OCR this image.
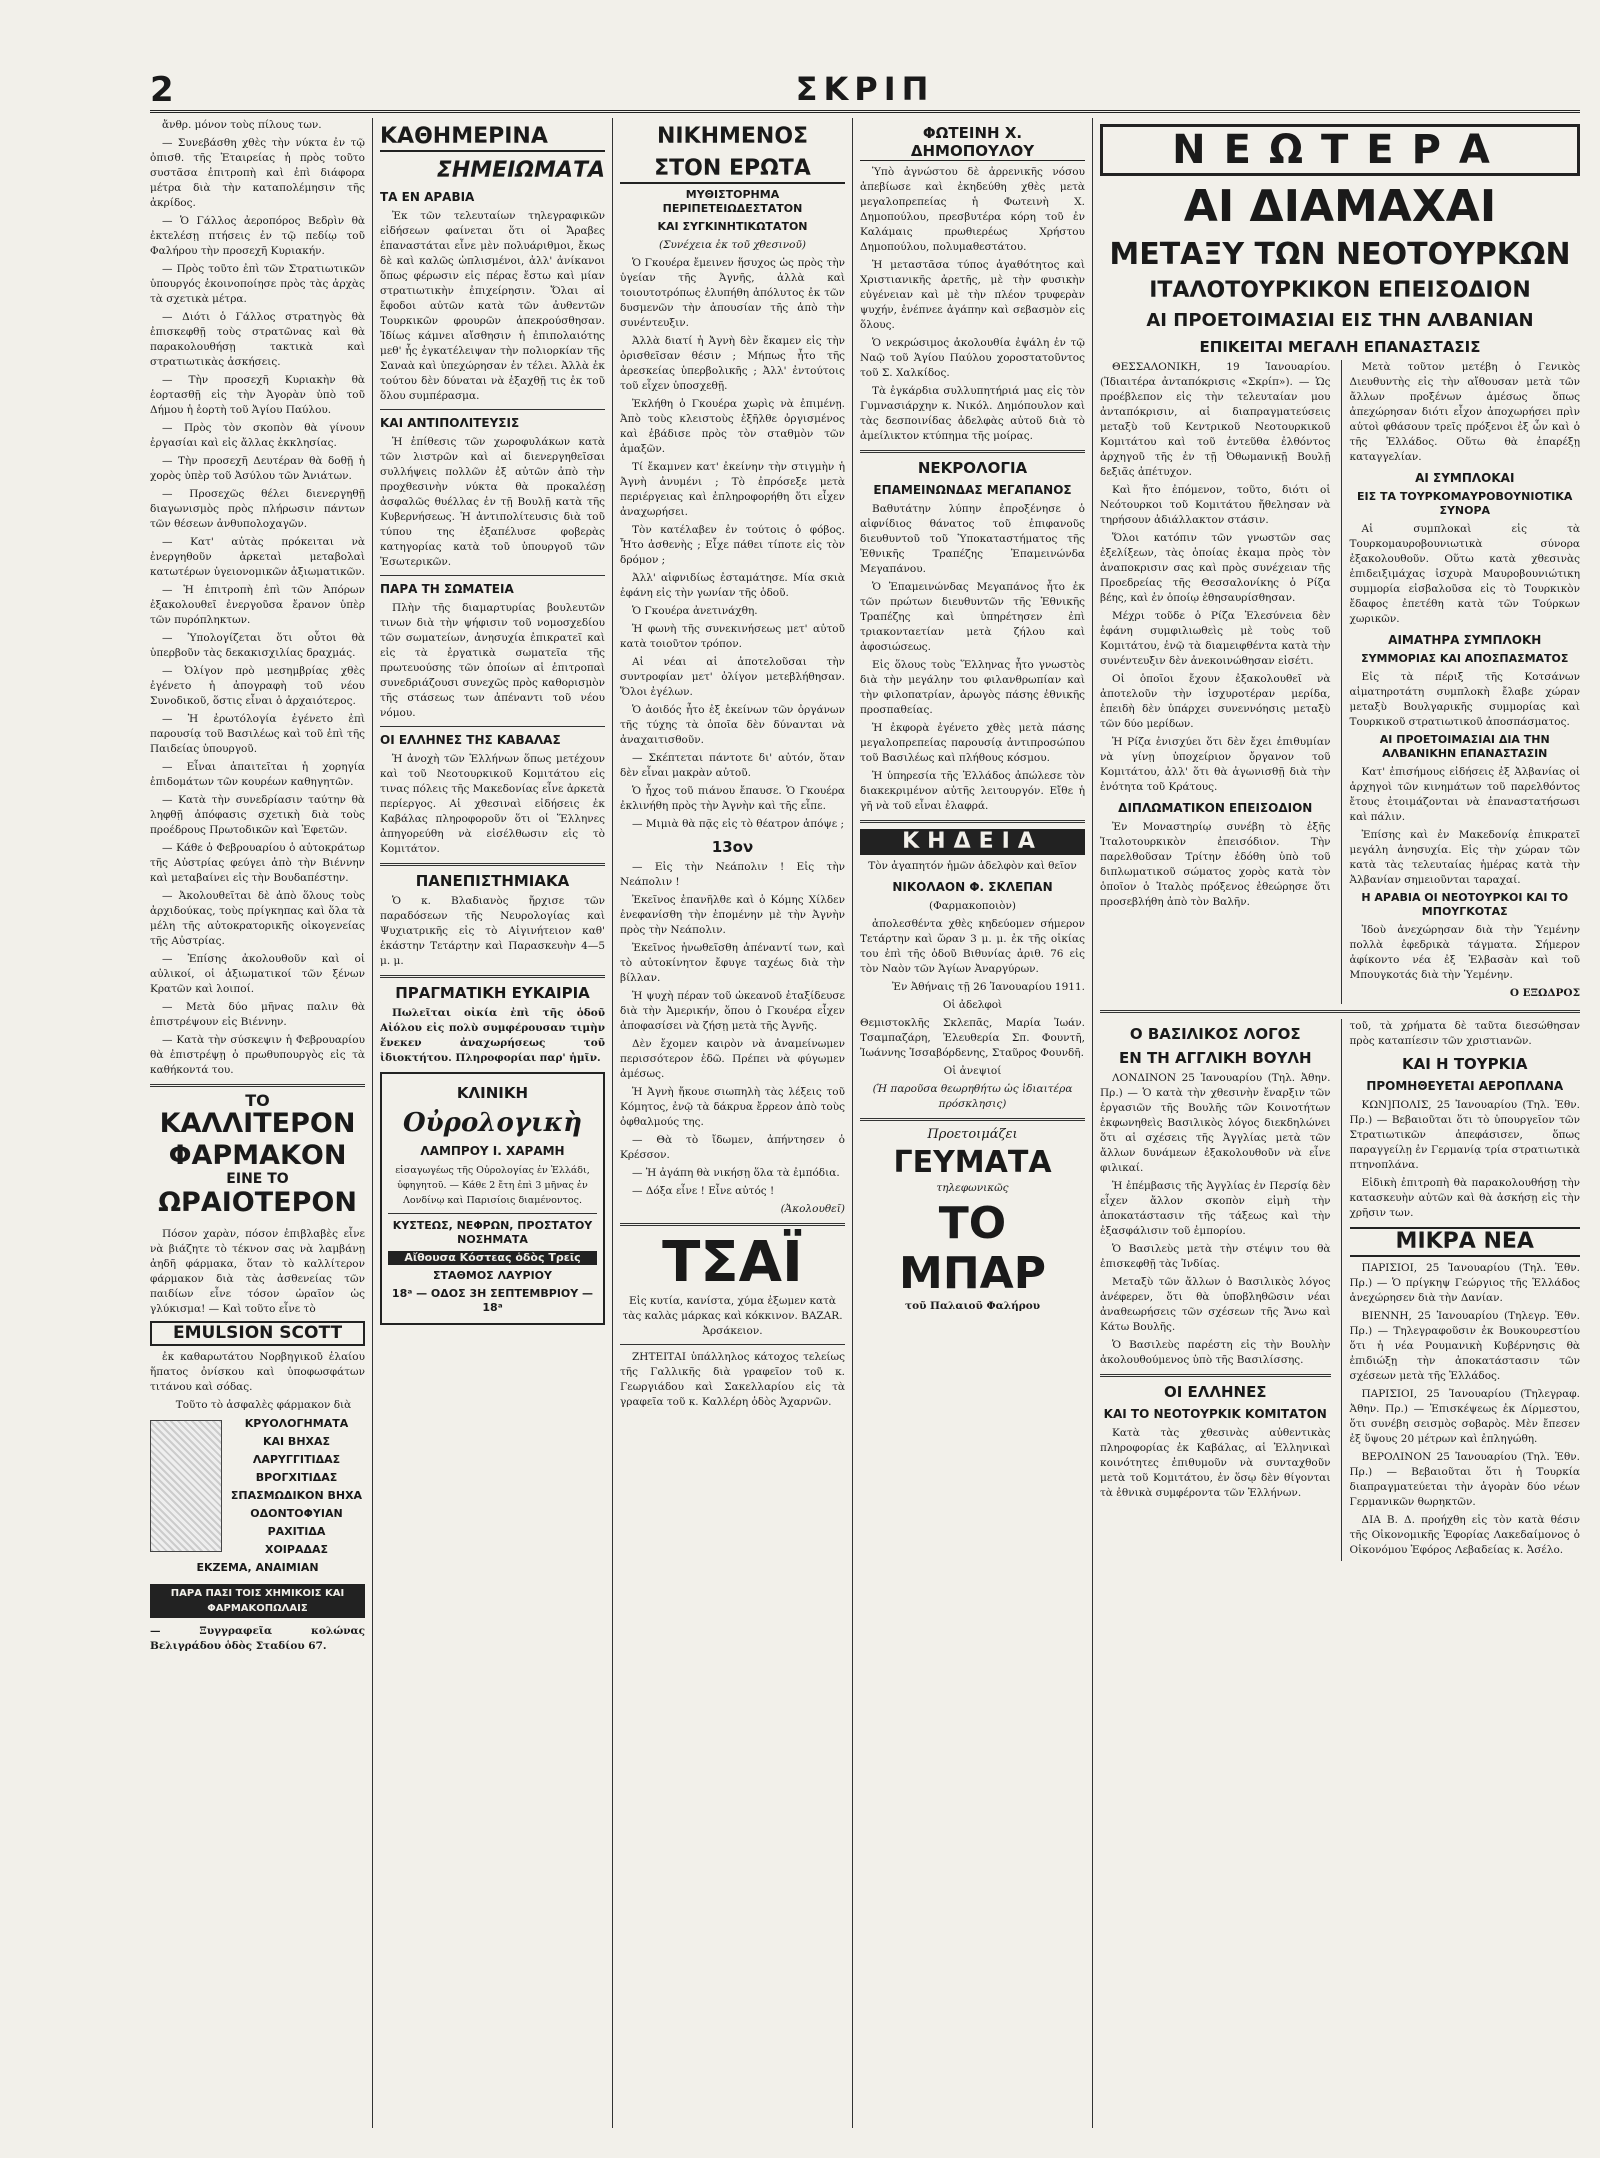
2	ΣΚΡΙΠ

ἄνθρ. μόνον τοὺς πίλους των.

— Συνεβάσθη χθὲς τὴν νύκτα ἐν τῷ ὀπισθ. τῆς Ἑταιρείας ἡ πρὸς τοῦτο συστᾶσα ἐπιτροπὴ καὶ ἐπὶ διάφορα μέτρα διὰ τὴν καταπολέμησιν τῆς ἀκρίδος.

— Ὁ Γάλλος ἀεροπόρος Βεδρὶν θὰ ἐκτελέσῃ πτήσεις ἐν τῷ πεδίῳ τοῦ Φαλήρου τὴν προσεχῆ Κυριακήν.

— Πρὸς τοῦτο ἐπὶ τῶν Στρατιωτικῶν ὑπουργός ἐκοινοποίησε πρὸς τὰς ἀρχὰς τὰ σχετικὰ μέτρα.

— Διότι ὁ Γάλλος στρατηγὸς θὰ ἐπισκεφθῇ τοὺς στρατῶνας καὶ θὰ παρακολουθήσῃ τακτικὰ καὶ στρατιωτικὰς ἀσκήσεις.

— Τὴν προσεχῆ Κυριακὴν θὰ ἑορτασθῇ εἰς τὴν Ἀγορὰν ὑπὸ τοῦ Δήμου ἡ ἑορτὴ τοῦ Ἁγίου Παύλου.

— Πρὸς τὸν σκοπὸν θὰ γίνουν ἐργασίαι καὶ εἰς ἄλλας ἐκκλησίας.

— Τὴν προσεχῆ Δευτέραν θὰ δοθῇ ἡ χορὸς ὑπὲρ τοῦ Ἀσύλου τῶν Ἀνιάτων.

— Προσεχῶς θέλει διενεργηθῇ διαγωνισμὸς πρὸς πλήρωσιν πάντων τῶν θέσεων ἀνθυπολοχαγῶν.

— Κατ' αὐτὰς πρόκειται νὰ ἐνεργηθοῦν ἀρκεταὶ μεταβολαὶ κατωτέρων ὑγειονομικῶν ἀξιωματικῶν.

— Ἡ ἐπιτροπὴ ἐπὶ τῶν Ἀπόρων ἐξακολουθεῖ ἐνεργοῦσα ἔρανον ὑπὲρ τῶν πυρόπληκτων.

— Ὑπολογίζεται ὅτι οὗτοι θὰ ὑπερβοῦν τὰς δεκακισχιλίας δραχμάς.

— Ὀλίγον πρὸ μεσημβρίας χθὲς ἐγένετο ἡ ἀπογραφὴ τοῦ νέου Συνοδικοῦ, ὅστις εἶναι ὁ ἀρχαιότερος.

— Ἡ ἐρωτόλογία ἐγένετο ἐπὶ παρουσίᾳ τοῦ Βασιλέως καὶ τοῦ ἐπὶ τῆς Παιδείας ὑπουργοῦ.

— Εἶναι ἀπαιτεῖται ἡ χορηγία ἐπιδομάτων τῶν κουρέων καθηγητῶν.

— Κατὰ τὴν συνεδρίασιν ταύτην θὰ ληφθῇ ἀπόφασις σχετικὴ διὰ τοὺς προέδρους Πρωτοδικῶν καὶ Ἐφετῶν.

— Κάθε ὁ Φεβρουαρίου ὁ αὐτοκράτωρ τῆς Αὐστρίας φεύγει ἀπὸ τὴν Βιέννην καὶ μεταβαίνει εἰς τὴν Βουδαπέστην.

— Ἀκολουθεῖται δὲ ἀπὸ ὅλους τοὺς ἀρχιδούκας, τοὺς πρίγκηπας καὶ ὅλα τὰ μέλη τῆς αὐτοκρατορικῆς οἰκογενείας τῆς Αὐστρίας.

— Ἐπίσης ἀκολουθοῦν καὶ οἱ αὐλικοί, οἱ ἀξιωματικοί τῶν ξένων Κρατῶν καὶ λοιποί.

— Μετὰ δύο μῆνας παλιν θὰ ἐπιστρέψουν εἰς Βιέννην.

— Κατὰ τὴν σύσκεψιν ἡ Φεβρουαρίου θὰ ἐπιστρέψῃ ὁ πρωθυπουργὸς εἰς τὰ καθήκοντά του.

ΤΟ
ΚΑΛΛΙΤΕΡΟΝ
ΦΑΡΜΑΚΟΝ
ΕΙΝΕ ΤΟ
ΩΡΑΙΟΤΕΡΟΝ

Πόσον χαρὰν, πόσον ἐπιβλαβὲς εἶνε νὰ βιάζητε τὸ τέκνον σας νὰ λαμβάνῃ ἀηδῆ φάρμακα, ὅταν τὸ καλλίτερον φάρμακον διὰ τὰς ἀσθενείας τῶν παιδίων εἶνε τόσον ὡραῖον ὡς γλύκισμα! — Καὶ τοῦτο εἶνε τὸ

EMULSION SCOTT

ἐκ καθαρωτάτου Νορβηγικοῦ ἐλαίου ἥπατος ὀνίσκου καὶ ὑποφωσφάτων τιτάνου καὶ σόδας.

Τοῦτο τὸ ἀσφαλὲς φάρμακον διὰ

ΚΡΥΟΛΟΓΗΜΑΤΑ

ΚΑΙ ΒΗΧΑΣ

ΛΑΡΥΓΓΙΤΙΔΑΣ

ΒΡΟΓΧΙΤΙΔΑΣ

ΣΠΑΣΜΩΔΙΚΟΝ ΒΗΧΑ

ΟΔΟΝΤΟΦΥΙΑΝ

ΡΑΧΙΤΙΔΑ

ΧΟΙΡΑΔΑΣ

ΕΚΖΕΜΑ, ΑΝΑΙΜΙΑΝ

ΠΑΡΑ ΠΑΣΙ ΤΟΙΣ ΧΗΜΙΚΟΙΣ ΚΑΙ ΦΑΡΜΑΚΟΠΩΛΑΙΣ

— Ξυγγραφεῖα κολώνας Βελιγράδου ὁδὸς Σταδίου 67.

ΚΑΘΗΜΕΡΙΝΑ
ΣΗΜΕΙΩΜΑΤΑ
ΤΑ ΕΝ ΑΡΑΒΙΑ

Ἐκ τῶν τελευταίων τηλεγραφικῶν εἰδήσεων φαίνεται ὅτι οἱ Ἄραβες ἐπαναστάται εἶνε μὲν πολυάριθμοι, ἔκως δὲ καὶ καλῶς ὡπλισμένοι, ἀλλ' ἀνίκανοι ὅπως φέρωσιν εἰς πέρας ἔστω καὶ μίαν στρατιωτικὴν ἐπιχείρησιν. Ὅλαι αἱ ἔφοδοι αὐτῶν κατὰ τῶν ἀυθεντῶν Τουρκικῶν φρουρῶν ἀπεκρούσθησαν. Ἰδίως κάμνει αἴσθησιν ἡ ἐπιπολαιότης μεθ' ἧς ἐγκατέλειψαν τὴν πολιορκίαν τῆς Σαναὰ καὶ ὑπεχώρησαν ἐν τέλει. Ἀλλὰ ἐκ τούτου δὲν δύναται νὰ ἐξαχθῇ τις ἐκ τοῦ ὅλου συμπέρασμα.

ΚΑΙ ΑΝΤΙΠΟΛΙΤΕΥΣΙΣ

Ἡ ἐπίθεσις τῶν χωροφυλάκων κατὰ τῶν λιστρῶν καὶ αἱ διενεργηθεῖσαι συλλήψεις πολλῶν ἐξ αὐτῶν ἀπὸ τὴν προχθεσινὴν νύκτα θὰ προκαλέσῃ ἀσφαλῶς θυέλλας ἐν τῇ Βουλῇ κατὰ τῆς Κυβερνήσεως. Ἡ ἀντιπολίτευσις διὰ τοῦ τύπου της ἐξαπέλυσε φοβερὰς κατηγορίας κατὰ τοῦ ὑπουργοῦ τῶν Ἐσωτερικῶν.

ΠΑΡΑ ΤΗ ΣΩΜΑΤΕΙΑ

Πλὴν τῆς διαμαρτυρίας βουλευτῶν τινων διὰ τὴν ψήφισιν τοῦ νομοσχεδίου τῶν σωματείων, ἀνησυχία ἐπικρατεῖ καὶ εἰς τὰ ἐργατικὰ σωματεῖα τῆς πρωτευούσης τῶν ὁποίων αἱ ἐπιτροπαὶ συνεδριάζουσι συνεχῶς πρὸς καθορισμὸν τῆς στάσεως των ἀπέναντι τοῦ νέου νόμου.

ΟΙ ΕΛΛΗΝΕΣ ΤΗΣ ΚΑΒΑΛΑΣ

Ἡ ἀνοχὴ τῶν Ἑλλήνων ὅπως μετέχουν καὶ τοῦ Νεοτουρκικοῦ Κομιτάτου εἰς τινας πόλεις τῆς Μακεδονίας εἶνε ἀρκετὰ περίεργος. Αἱ χθεσιναὶ εἰδήσεις ἐκ Καβάλας πληροφοροῦν ὅτι οἱ Ἕλληνες ἀπηγορεύθη νὰ εἰσέλθωσιν εἰς τὸ Κομιτάτον.

ΠΑΝΕΠΙΣΤΗΜΙΑΚΑ

Ὁ κ. Βλαδιανὸς ἤρχισε τῶν παραδόσεων τῆς Νευρολογίας καὶ Ψυχιατρικῆς εἰς τὸ Αἰγινήτειον καθ' ἑκάστην Τετάρτην καὶ Παρασκευὴν 4—5 μ. μ.

ΠΡΑΓΜΑΤΙΚΗ ΕΥΚΑΙΡΙΑ

Πωλεῖται οἰκία ἐπὶ τῆς ὁδοῦ Αἰόλου εἰς πολὺ συμφέρουσαν τιμὴν ἕνεκεν ἀναχωρήσεως τοῦ ἰδιοκτήτου. Πληροφορίαι παρ' ἡμῖν.

ΚΛΙΝΙΚΗ
Οὐρολογικὴ
ΛΑΜΠΡΟΥ Ι. ΧΑΡΑΜΗ

εἰσαγωγέως τῆς Οὐρολογίας ἐν Ἑλλάδι, ὑφηγητοῦ. — Κάθε 2 ἔτη ἐπὶ 3 μῆνας ἐν Λονδίνῳ καὶ Παρισίοις διαμένοντος.

ΚΥΣΤΕΩΣ, ΝΕΦΡΩΝ, ΠΡΟΣΤΑΤΟΥ ΝΟΣΗΜΑΤΑ
Αἴθουσα Κόστεας ὁδὸς Τρεῖς
ΣΤΑΘΜΟΣ ΛΑΥΡΙΟΥ
18ᵃ — ΟΔΟΣ 3Η ΣΕΠΤΕΜΒΡΙΟΥ — 18ᵃ
ΝΙΚΗΜΕΝΟΣ
ΣΤΟΝ ΕΡΩΤΑ
ΜΥΘΙΣΤΟΡΗΜΑ ΠΕΡΙΠΕΤΕΙΩΔΕΣΤΑΤΟΝ
ΚΑΙ ΣΥΓΚΙΝΗΤΙΚΩΤΑΤΟΝ

(Συνέχεια ἐκ τοῦ χθεσινοῦ)

Ὁ Γκουέρα ἔμεινεν ἥσυχος ὡς πρὸς τὴν ὑγείαν τῆς Ἀγνῆς, ἀλλὰ καὶ τοιουτοτρόπως ἐλυπήθη ἀπόλυτος ἐκ τῶν δυσμενῶν τὴν ἀπουσίαν τῆς ἀπὸ τὴν συνέντευξιν.

Ἀλλὰ διατί ἡ Ἀγνὴ δὲν ἔκαμεν εἰς τὴν ὁρισθεῖσαν θέσιν ; Μήπως ἦτο τῆς ἀρεσκείας ὑπερβολικῆς ; Ἀλλ' ἐντούτοις τοῦ εἶχεν ὑποσχεθῇ.

Ἐκλήθη ὁ Γκουέρα χωρὶς νὰ ἐπιμένῃ. Ἀπὸ τοὺς κλειστοὺς ἐξῆλθε ὀργισμένος καὶ ἐβάδισε πρὸς τὸν σταθμὸν τῶν ἁμαξῶν.

Τί ἔκαμνεν κατ' ἐκείνην τὴν στιγμὴν ἡ Ἀγνὴ ἀνυμένι ; Τὸ ἐπρόσεξε μετὰ περιέργειας καὶ ἐπληροφορήθη ὅτι εἶχεν ἀναχωρήσει.

Τὸν κατέλαβεν ἐν τούτοις ὁ φόβος. Ἦτο ἀσθενὴς ; Εἶχε πάθει τίποτε εἰς τὸν δρόμον ;

Ἀλλ' αἰφνιδίως ἐσταμάτησε. Μία σκιὰ ἐφάνη εἰς τὴν γωνίαν τῆς ὁδοῦ.

Ὁ Γκουέρα ἀνετινάχθη.

Ἡ φωνὴ τῆς συνεκινήσεως μετ' αὐτοῦ κατὰ τοιοῦτον τρόπον.

Αἱ νέαι αἱ ἀποτελοῦσαι τὴν συντροφίαν μετ' ὀλίγον μετεβλήθησαν. Ὅλοι ἐγέλων.

Ὁ ἀοιδός ἦτο ἐξ ἐκείνων τῶν ὀργάνων τῆς τύχης τὰ ὁποῖα δὲν δύνανται νὰ ἀναχαιτισθοῦν.

— Σκέπτεται πάντοτε δι' αὐτόν, ὅταν δὲν εἶναι μακρὰν αὐτοῦ.

Ὁ ἦχος τοῦ πιάνου ἔπαυσε. Ὁ Γκουέρα ἐκλινήθη πρὸς τὴν Ἀγνὴν καὶ τῆς εἶπε.

— Μιμιὰ θὰ πᾷς εἰς τὸ θέατρον ἀπόψε ;

13ον

— Εἰς τὴν Νεάπολιν ! Εἰς τὴν Νεάπολιν !

Ἐκεῖνος ἐπανῆλθε καὶ ὁ Κόμης Χίλδεν ἐνεφανίσθη τὴν ἑπομένην μὲ τὴν Ἀγνὴν πρὸς τὴν Νεάπολιν.

Ἐκεῖνος ἠνωθεῖσθη ἀπέναντί των, καὶ τὸ αὐτοκίνητον ἔφυγε ταχέως διὰ τὴν βίλλαν.

Ἡ ψυχὴ πέραν τοῦ ὠκεανοῦ ἐταξίδευσε διὰ τὴν Ἀμερικήν, ὅπου ὁ Γκουέρα εἶχεν ἀποφασίσει νὰ ζήσῃ μετὰ τῆς Ἀγνῆς.

Δὲν ἔχομεν καιρὸν νὰ ἀναμείνωμεν περισσότερον ἐδῶ. Πρέπει νὰ φύγωμεν ἀμέσως.

Ἡ Ἀγνὴ ἤκουε σιωπηλὴ τὰς λέξεις τοῦ Κόμητος, ἐνῷ τὰ δάκρυα ἔρρεον ἀπὸ τοὺς ὀφθαλμούς της.

— Θὰ τὸ ἴδωμεν, ἀπήντησεν ὁ Κρέσσον.

— Ἡ ἀγάπη θὰ νικήσῃ ὅλα τὰ ἐμπόδια.

— Δόξα εἶνε ! Εἶνε αὐτός !

(Ἀκολουθεῖ)

ΤΣΑΪ

Εἰς κυτία, κανίστα, χύμα ἐξωμεν κατὰ τὰς καλὰς μάρκας καὶ κόκκινον. BAZAR. Ἀρσάκειον.

ΖΗΤΕΙΤΑΙ ὑπάλληλος κάτοχος τελείως τῆς Γαλλικῆς διὰ γραφεῖον τοῦ κ. Γεωργιάδου καὶ Σακελλαρίου εἰς τὰ γραφεῖα τοῦ κ. Καλλέρη ὁδὸς Ἀχαρνῶν.

ΦΩΤΕΙΝΗ Χ. ΔΗΜΟΠΟΥΛΟΥ

Ὑπὸ ἀγνώστου δὲ ἀρρενικῆς νόσου ἀπεβίωσε καὶ ἐκηδεύθη χθὲς μετὰ μεγαλοπρεπείας ἡ Φωτεινὴ Χ. Δημοπούλου, πρεσβυτέρα κόρη τοῦ ἐν Καλάμαις πρωθιερέως Χρήστου Δημοπούλου, πολυμαθεστάτου.

Ἡ μεταστᾶσα τύπος ἀγαθότητος καὶ Χριστιανικῆς ἀρετῆς, μὲ τὴν φυσικὴν εὐγένειαν καὶ μὲ τὴν πλέον τρυφερὰν ψυχήν, ἐνέπνεε ἀγάπην καὶ σεβασμὸν εἰς ὅλους.

Ὁ νεκρώσιμος ἀκολουθία ἐψάλη ἐν τῷ Ναῷ τοῦ Ἁγίου Παύλου χοροστατοῦντος τοῦ Σ. Χαλκίδος.

Τὰ ἐγκάρδια συλλυπητήριά μας εἰς τὸν Γυμνασιάρχην κ. Νικόλ. Δημόπουλον καὶ τὰς δεσποινίδας ἀδελφὰς αὐτοῦ διὰ τὸ ἀμείλικτον κτύπημα τῆς μοίρας.

ΝΕΚΡΟΛΟΓΙΑ
ΕΠΑΜΕΙΝΩΝΔΑΣ ΜΕΓΑΠΑΝΟΣ

Βαθυτάτην λύπην ἐπροξένησε ὁ αἰφνίδιος θάνατος τοῦ ἐπιφανοῦς διευθυντοῦ τοῦ Ὑποκαταστήματος τῆς Ἐθνικῆς Τραπέζης Ἐπαμεινώνδα Μεγαπάνου.

Ὁ Ἐπαμεινώνδας Μεγαπάνος ἦτο ἐκ τῶν πρώτων διευθυντῶν τῆς Ἐθνικῆς Τραπέζης καὶ ὑπηρέτησεν ἐπὶ τριακονταετίαν μετὰ ζήλου καὶ ἀφοσιώσεως.

Εἰς ὅλους τοὺς Ἕλληνας ἦτο γνωστὸς διὰ τὴν μεγάλην του φιλανθρωπίαν καὶ τὴν φιλοπατρίαν, ἀρωγὸς πάσης ἐθνικῆς προσπαθείας.

Ἡ ἐκφορὰ ἐγένετο χθὲς μετὰ πάσης μεγαλοπρεπείας παρουσίᾳ ἀντιπροσώπου τοῦ Βασιλέως καὶ πλήθους κόσμου.

Ἡ ὑπηρεσία τῆς Ἑλλάδος ἀπώλεσε τὸν διακεκριμένον αὐτῆς λειτουργόν. Εἴθε ἡ γῆ νὰ τοῦ εἶναι ἐλαφρά.

ΚΗΔΕΙΑ

Τὸν ἀγαπητόν ἡμῶν ἀδελφὸν καὶ θεῖον

ΝΙΚΟΛΑΟΝ Φ. ΣΚΛΕΠΑΝ

(Φαρμακοποιὸν)

ἀπολεσθέντα χθὲς κηδεύομεν σήμερον Τετάρτην καὶ ὥραν 3 μ. μ. ἐκ τῆς οἰκίας του ἐπὶ τῆς ὁδοῦ Βιθυνίας ἀριθ. 76 εἰς τὸν Ναὸν τῶν Ἁγίων Ἀναργύρων.

Ἐν Ἀθήναις τῇ 26 Ἰανουαρίου 1911.

Οἱ ἀδελφοὶ

Θεμιστοκλῆς Σκλεπᾶς, Μαρία Ἰωάν. Τσαμπαζάρη, Ἐλευθερία Σπ. Φουντῆ, Ἰωάννης Ἰσσαβόρδενης, Σταῦρος Φουνδῆ.

Οἱ ἀνεψιοί

(Ἡ παροῦσα θεωρηθήτω ὡς ἰδιαιτέρα πρόσκλησις)

Προετοιμάζει

ΓΕΥΜΑΤΑ

τηλεφωνικῶς

ΤΟ ΜΠΑΡ

τοῦ Παλαιοῦ Φαλήρου

ΝΕΩΤΕΡΑ
ΑΙ ΔΙΑΜΑΧΑΙ
ΜΕΤΑΞΥ ΤΩΝ ΝΕΟΤΟΥΡΚΩΝ
ΙΤΑΛΟΤΟΥΡΚΙΚΟΝ ΕΠΕΙΣΟΔΙΟΝ
ΑΙ ΠΡΟΕΤΟΙΜΑΣΙΑΙ ΕΙΣ ΤΗΝ ΑΛΒΑΝΙΑΝ
ΕΠΙΚΕΙΤΑΙ ΜΕΓΑΛΗ ΕΠΑΝΑΣΤΑΣΙΣ

ΘΕΣΣΑΛΟΝΙΚΗ, 19 Ἰανουαρίου. (Ἰδιαιτέρα ἀνταπόκρισις «Σκρίπ»). — Ὡς προέβλεπον εἰς τὴν τελευταίαν μου ἀνταπόκρισιν, αἱ διαπραγματεύσεις μεταξὺ τοῦ Κεντρικοῦ Νεοτουρκικοῦ Κομιτάτου καὶ τοῦ ἐντεῦθα ἐλθόντος ἀρχηγοῦ τῆς ἐν τῇ Ὀθωμανικῇ Βουλῇ δεξιᾶς ἀπέτυχον.

Καὶ ἤτο ἐπόμενον, τοῦτο, διότι οἱ Νεότουρκοι τοῦ Κομιτάτου ἤθελησαν νὰ τηρήσουν ἀδιάλλακτον στάσιν.

Ὅλοι κατόπιν τῶν γνωστῶν σας ἐξελίξεων, τὰς ὁποίας ἐκαμα πρὸς τὸν ἀναποκρισιν σας καὶ πρὸς συνέχειαν τῆς Προεδρείας τῆς Θεσσαλονίκης ὁ Ρίζα βέης, καὶ ἐν ὁποίῳ ἐθησαυρίσθησαν.

Μέχρι τοῦδε ὁ Ρίζα Ἐλεσύνεια δὲν ἐφάνη συμφιλιωθεὶς μὲ τοὺς τοῦ Κομιτάτου, ἐνῷ τὰ διαμειφθέντα κατὰ τὴν συνέντευξιν δὲν ἀνεκοινώθησαν εἰσέτι.

Οἱ ὁποῖοι ἔχουν ἐξακολουθεῖ νὰ ἀποτελοῦν τὴν ἰσχυροτέραν μερίδα, ἐπειδὴ δὲν ὑπάρχει συνεννόησις μεταξὺ τῶν δύο μερίδων.

Ἡ Ρίζα ἐνισχύει ὅτι δὲν ἔχει ἐπιθυμίαν νὰ γίνῃ ὑποχείριον ὄργανον τοῦ Κομιτάτου, ἀλλ' ὅτι θὰ ἀγωνισθῇ διὰ τὴν ἐνότητα τοῦ Κράτους.

ΔΙΠΛΩΜΑΤΙΚΟΝ ΕΠΕΙΣΟΔΙΟΝ

Ἐν Μοναστηρίῳ συνέβη τὸ ἑξῆς Ἰταλοτουρκικὸν ἐπεισόδιον. Τὴν παρελθοῦσαν Τρίτην ἐδόθη ὑπὸ τοῦ διπλωματικοῦ σώματος χορὸς κατὰ τὸν ὁποῖον ὁ Ἰταλὸς πρόξενος ἐθεώρησε ὅτι προσεβλήθη ἀπὸ τὸν Βαλῆν.

Μετὰ τοῦτον μετέβη ὁ Γενικὸς Διευθυντὴς εἰς τὴν αἴθουσαν μετὰ τῶν ἄλλων προξένων ἀμέσως ὅπως ἀπεχώρησαν διότι εἶχον ἀποχωρήσει πρὶν αὐτοὶ φθάσουν τρεῖς πρόξενοι ἐξ ὧν καὶ ὁ τῆς Ἑλλάδος. Οὕτω θὰ ἐπαρέξῃ καταγγελίαν.

ΑΙ ΣΥΜΠΛΟΚΑΙ
ΕΙΣ ΤΑ ΤΟΥΡΚΟΜΑΥΡΟΒΟΥΝΙΟΤΙΚΑ ΣΥΝΟΡΑ

Αἱ συμπλοκαὶ εἰς τὰ Τουρκομαυροβουνιωτικὰ σύνορα ἐξακολουθοῦν. Οὕτω κατὰ χθεσινὰς ἐπιδειξιμάχας ἰσχυρὰ Μαυροβουνιώτικη συμμορία εἰσβαλοῦσα εἰς τὸ Τουρκικὸν ἔδαφος ἐπετέθη κατὰ τῶν Τούρκων χωρικῶν.

ΑΙΜΑΤΗΡΑ ΣΥΜΠΛΟΚΗ
ΣΥΜΜΟΡΙΑΣ ΚΑΙ ΑΠΟΣΠΑΣΜΑΤΟΣ

Εἰς τὰ πέριξ τῆς Κοτσάνων αἱματηροτάτη συμπλοκὴ ἔλαβε χώραν μεταξὺ Βουλγαρικῆς συμμορίας καὶ Τουρκικοῦ στρατιωτικοῦ ἀποσπάσματος.

ΑΙ ΠΡΟΕΤΟΙΜΑΣΙΑΙ ΔΙΑ ΤΗΝ ΑΛΒΑΝΙΚΗΝ ΕΠΑΝΑΣΤΑΣΙΝ

Κατ' ἐπισήμους εἰδήσεις ἐξ Ἀλβανίας οἱ ἀρχηγοὶ τῶν κινημάτων τοῦ παρελθόντος ἔτους ἐτοιμάζονται νὰ ἐπαναστατήσωσι καὶ πάλιν.

Ἐπίσης καὶ ἐν Μακεδονίᾳ ἐπικρατεῖ μεγάλη ἀνησυχία. Εἰς τὴν χώραν τῶν κατὰ τὰς τελευταίας ἡμέρας κατὰ τὴν Ἀλβανίαν σημειοῦνται ταραχαί.

Η ΑΡΑΒΙΑ ΟΙ ΝΕΟΤΟΥΡΚΟΙ ΚΑΙ ΤΟ ΜΠΟΥΓΚΟΤΑΣ

Ἰδοὺ ἀνεχώρησαν διὰ τὴν Ὑεμένην πολλὰ ἐφεδρικὰ τάγματα. Σήμερον ἀφίκοντο νέα ἐξ Ἐλβασὰν καὶ τοῦ Μπουγκοτάς διὰ τὴν Ὑεμένην.

Ο ΕΞΩΔΡΟΣ

Ο ΒΑΣΙΛΙΚΟΣ ΛΟΓΟΣ
ΕΝ ΤΗ ΑΓΓΛΙΚΗ ΒΟΥΛΗ

ΛΟΝΔΙΝΟΝ 25 Ἰανουαρίου (Τηλ. Ἀθην. Πρ.) — Ὁ κατὰ τὴν χθεσινὴν ἔναρξιν τῶν ἐργασιῶν τῆς Βουλῆς τῶν Κοινοτήτων ἐκφωνηθεὶς Βασιλικὸς λόγος διεκδηλώνει ὅτι αἱ σχέσεις τῆς Ἀγγλίας μετὰ τῶν ἄλλων δυνάμεων ἐξακολουθοῦν νὰ εἶνε φιλικαί.

Ἡ ἐπέμβασις τῆς Ἀγγλίας ἐν Περσίᾳ δὲν εἶχεν ἄλλον σκοπὸν εἰμὴ τὴν ἀποκατάστασιν τῆς τάξεως καὶ τὴν ἐξασφάλισιν τοῦ ἐμπορίου.

Ὁ Βασιλεὺς μετὰ τὴν στέψιν του θὰ ἐπισκεφθῇ τὰς Ἰνδίας.

Μεταξὺ τῶν ἄλλων ὁ Βασιλικὸς λόγος ἀνέφερεν, ὅτι θὰ ὑποβληθῶσιν νέαι ἀναθεωρήσεις τῶν σχέσεων τῆς Ἄνω καὶ Κάτω Βουλῆς.

Ὁ Βασιλεὺς παρέστη εἰς τὴν Βουλὴν ἀκολουθούμενος ὑπὸ τῆς Βασιλίσσης.

ΟΙ ΕΛΛΗΝΕΣ
ΚΑΙ ΤΟ ΝΕΟΤΟΥΡΚΙΚ ΚΟΜΙΤΑΤΟΝ

Κατὰ τὰς χθεσινὰς αὐθεντικὰς πληροφορίας ἐκ Καβάλας, αἱ Ἑλληνικαὶ κοινότητες ἐπιθυμοῦν νὰ συνταχθοῦν μετὰ τοῦ Κομιτάτου, ἐν ὅσῳ δὲν θίγονται τὰ ἐθνικὰ συμφέροντα τῶν Ἑλλήνων.

τοῦ, τὰ χρήματα δὲ ταῦτα διεσώθησαν πρὸς καταπίεσιν τῶν χριστιανῶν.

ΚΑΙ Η ΤΟΥΡΚΙΑ
ΠΡΟΜΗΘΕΥΕΤΑΙ ΑΕΡΟΠΛΑΝΑ

ΚΩΝ]ΠΟΛΙΣ, 25 Ἰανουαρίου (Τηλ. Ἐθν. Πρ.) — Βεβαιοῦται ὅτι τὸ ὑπουργεῖον τῶν Στρατιωτικῶν ἀπεφάσισεν, ὅπως παραγγείλῃ ἐν Γερμανίᾳ τρία στρατιωτικὰ πτηνοπλάνα.

Εἰδικὴ ἐπιτροπὴ θὰ παρακολουθήσῃ τὴν κατασκευὴν αὐτῶν καὶ θὰ ἀσκήσῃ εἰς τὴν χρῆσιν των.

ΜΙΚΡΑ ΝΕΑ

ΠΑΡΙΣΙΟΙ, 25 Ἰανουαρίου (Τηλ. Ἐθν. Πρ.) — Ὁ πρίγκηψ Γεώργιος τῆς Ἑλλάδος ἀνεχώρησεν διὰ τὴν Δανίαν.

ΒΙΕΝΝΗ, 25 Ἰανουαρίου (Τηλεγρ. Ἐθν. Πρ.) — Τηλεγραφοῦσιν ἐκ Βουκουρεστίου ὅτι ἡ νέα Ρουμανικὴ Κυβέρνησις θὰ ἐπιδιώξῃ τὴν ἀποκατάστασιν τῶν σχέσεων μετὰ τῆς Ἑλλάδος.

ΠΑΡΙΣΙΟΙ, 25 Ἰανουαρίου (Τηλεγραφ. Ἀθην. Πρ.) — Ἐπισκέψεως ἐκ Δίρμεστου, ὅτι συνέβη σεισμὸς σοβαρὸς. Μὲν ἔπεσεν ἐξ ὕψους 20 μέτρων καὶ ἐπληγώθη.

ΒΕΡΟΛΙΝΟΝ 25 Ἰανουαρίου (Τηλ. Ἐθν. Πρ.) — Βεβαιοῦται ὅτι ἡ Τουρκία διαπραγματεύεται τὴν ἀγορὰν δύο νέων Γερμανικῶν θωρηκτῶν.

ΔΙΑ Β. Δ. προήχθη εἰς τὸν κατὰ θέσιν τῆς Οἰκονομικῆς Ἐφορίας Λακεδαίμονος ὁ Οἰκονόμου Ἐφόρος Λεβαδείας κ. Ἀσέλο.
